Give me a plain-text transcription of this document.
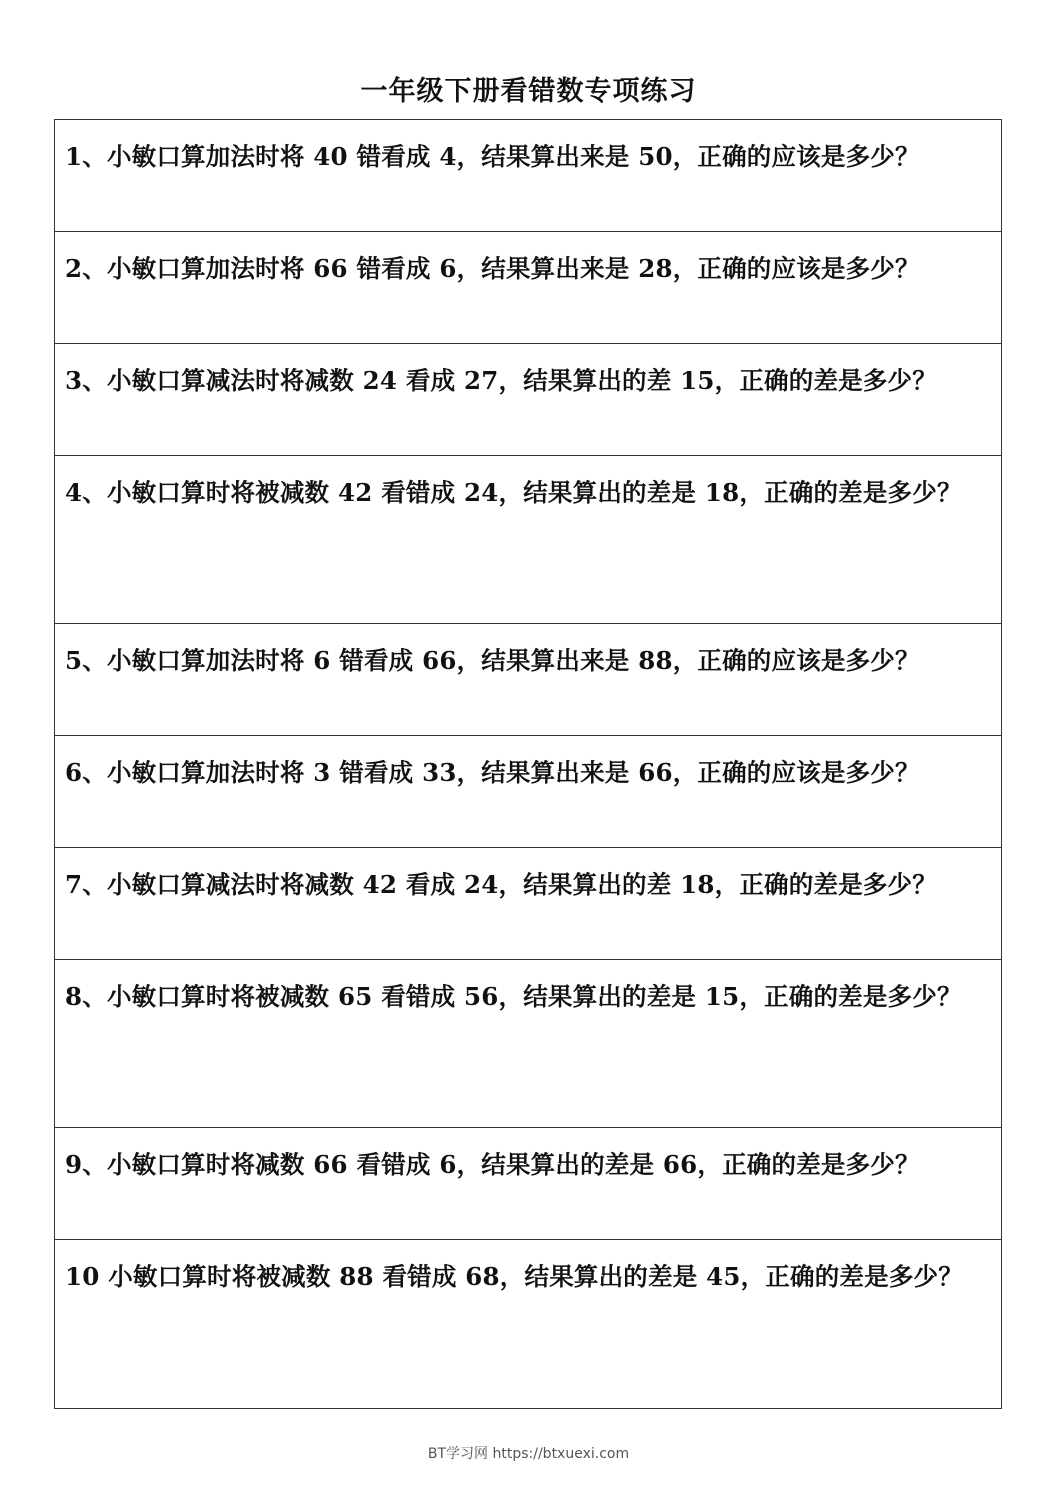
一年级下册看错数专项练习
1、小敏口算加法时将 40 错看成 4，结果算出来是 50，正确的应该是多少？
2、小敏口算加法时将 66 错看成 6，结果算出来是 28，正确的应该是多少？
3、小敏口算减法时将减数 24 看成 27，结果算出的差 15，正确的差是多少？
4、小敏口算时将被减数 42 看错成 24，结果算出的差是 18，正确的差是多少？
5、小敏口算加法时将 6 错看成 66，结果算出来是 88，正确的应该是多少？
6、小敏口算加法时将 3 错看成 33，结果算出来是 66，正确的应该是多少？
7、小敏口算减法时将减数 42 看成 24，结果算出的差 18，正确的差是多少？
8、小敏口算时将被减数 65 看错成 56，结果算出的差是 15，正确的差是多少？
9、小敏口算时将减数 66 看错成 6，结果算出的差是 66，正确的差是多少？
10 小敏口算时将被减数 88 看错成 68，结果算出的差是 45，正确的差是多少？
BT学习网 https://btxuexi.com
